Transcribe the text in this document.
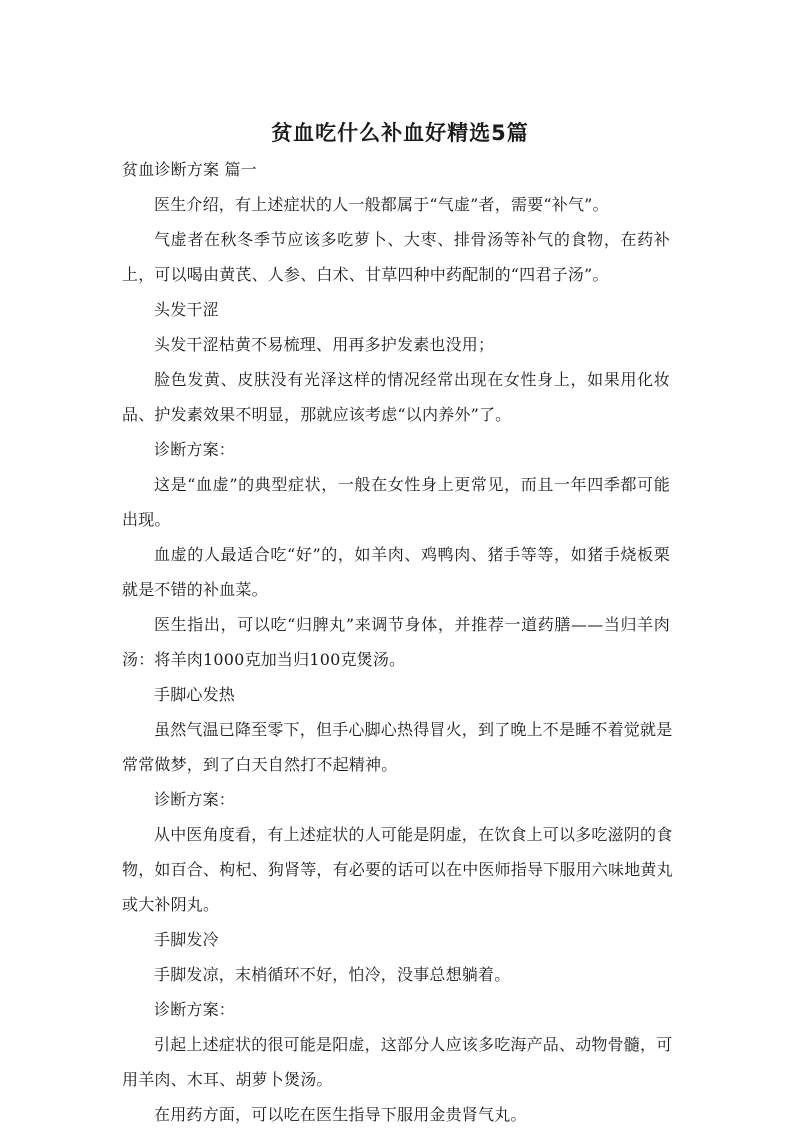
贫血吃什么补血好精选5篇
贫血诊断方案 篇一
医生介绍，有上述症状的人一般都属于“气虚”者，需要“补气”。
气虚者在秋冬季节应该多吃萝卜、大枣、排骨汤等补气的食物，在药补
上，可以喝由黄芪、人参、白术、甘草四种中药配制的“四君子汤”。
头发干涩
头发干涩枯黄不易梳理、用再多护发素也没用；
脸色发黄、皮肤没有光泽这样的情况经常出现在女性身上，如果用化妆
品、护发素效果不明显，那就应该考虑“以内养外”了。
诊断方案：
这是“血虚”的典型症状，一般在女性身上更常见，而且一年四季都可能
出现。
血虚的人最适合吃“好”的，如羊肉、鸡鸭肉、猪手等等，如猪手烧板栗
就是不错的补血菜。
医生指出，可以吃“归脾丸”来调节身体，并推荐一道药膳——当归羊肉
汤：将羊肉1000克加当归100克煲汤。
手脚心发热
虽然气温已降至零下，但手心脚心热得冒火，到了晚上不是睡不着觉就是
常常做梦，到了白天自然打不起精神。
诊断方案：
从中医角度看，有上述症状的人可能是阴虚，在饮食上可以多吃滋阴的食
物，如百合、枸杞、狗肾等，有必要的话可以在中医师指导下服用六味地黄丸
或大补阴丸。
手脚发冷
手脚发凉，末梢循环不好，怕冷，没事总想躺着。
诊断方案：
引起上述症状的很可能是阳虚，这部分人应该多吃海产品、动物骨髓，可
用羊肉、木耳、胡萝卜煲汤。
在用药方面，可以吃在医生指导下服用金贵肾气丸。
